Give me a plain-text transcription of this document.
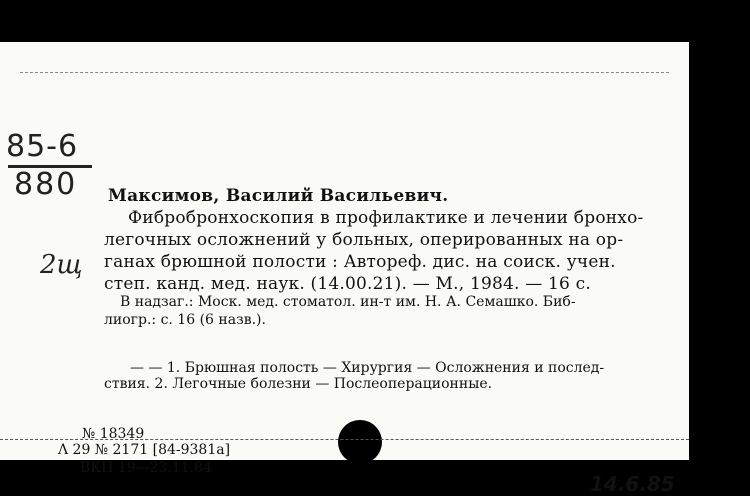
85-6
880
2щ
Максимов, Василий Васильевич.
Фибробронхоскопия в профилактике и лечении бронхо-
легочных осложнений у больных, оперированных на ор-
ганах брюшной полости : Автореф. дис. на соиск. учен.
степ. канд. мед. наук. (14.00.21). — М., 1984. — 16 с.
В надзаг.: Моск. мед. стоматол. ин-т им. Н. А. Семашко. Биб-
лиогр.: с. 16 (6 назв.).
— — 1. Брюшная полость — Хирургия — Осложнения и послед-
ствия. 2. Легочные болезни — Послеоперационные.
№ 18349
Λ 29 № 2171 [84-9381а]
ВКП 19—23.11.84
14.6.85
